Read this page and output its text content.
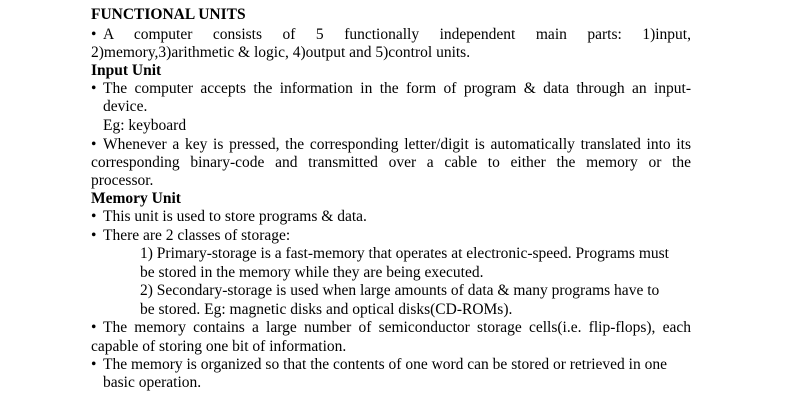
FUNCTIONAL UNITS
• A computer consists of 5 functionally independent main parts: 1)input,
2)memory,3)arithmetic & logic, 4)output and 5)control units.
Input Unit
• The computer accepts the information in the form of program & data through an input-
device.
Eg: keyboard
• Whenever a key is pressed, the corresponding letter/digit is automatically translated into its
corresponding binary-code and transmitted over a cable to either the memory or the
processor.
Memory Unit
• This unit is used to store programs & data.
• There are 2 classes of storage:
1) Primary-storage is a fast-memory that operates at electronic-speed. Programs must
be stored in the memory while they are being executed.
2) Secondary-storage is used when large amounts of data & many programs have to
be stored. Eg: magnetic disks and optical disks(CD-ROMs).
• The memory contains a large number of semiconductor storage cells(i.e. flip-flops), each
capable of storing one bit of information.
• The memory is organized so that the contents of one word can be stored or retrieved in one
basic operation.
